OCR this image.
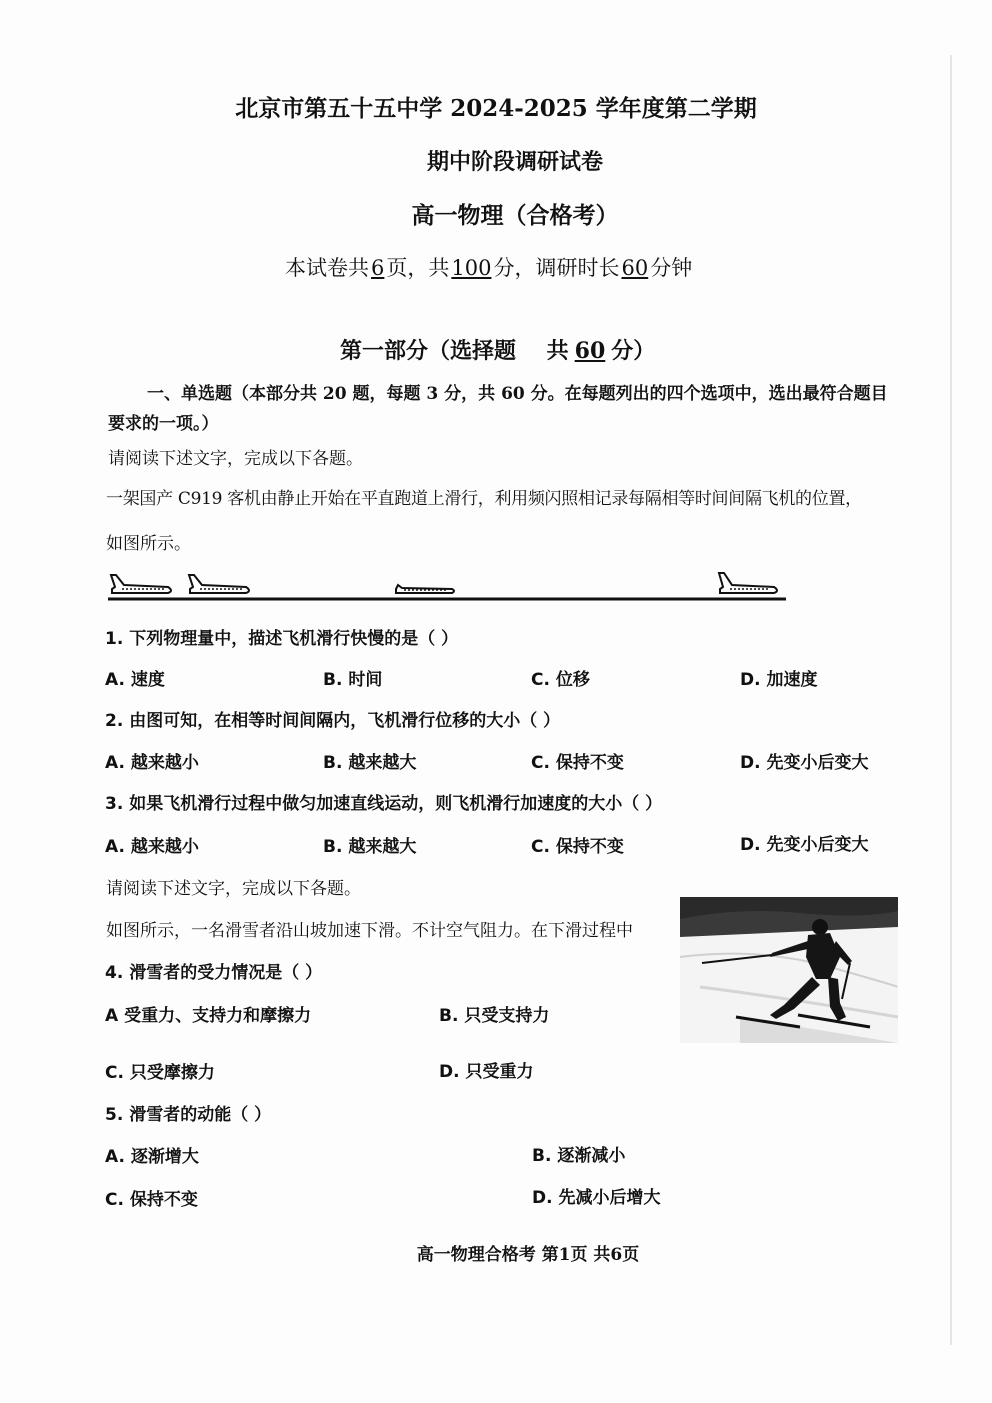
北京市第五十五中学 2024-2025 学年度第二学期
期中阶段调研试卷
高一物理（合格考）
本试卷共6页，共100分，调研时长60分钟
第一部分（选择题    共 60 分）
一、单选题（本部分共 20 题，每题 3 分，共 60 分。在每题列出的四个选项中，选出最符合题目
要求的一项。）
请阅读下述文字，完成以下各题。
一架国产 C919 客机由静止开始在平直跑道上滑行，利用频闪照相记录每隔相等时间间隔飞机的位置，
如图所示。
1. 下列物理量中，描述飞机滑行快慢的是（ ）
A. 速度	B. 时间	C. 位移	D. 加速度
2. 由图可知，在相等时间间隔内，飞机滑行位移的大小（ ）
A. 越来越小	B. 越来越大	C. 保持不变	D. 先变小后变大
3. 如果飞机滑行过程中做匀加速直线运动，则飞机滑行加速度的大小（ ）
A. 越来越小	B. 越来越大	C. 保持不变	D. 先变小后变大
请阅读下述文字，完成以下各题。
如图所示，一名滑雪者沿山坡加速下滑。不计空气阻力。在下滑过程中
4. 滑雪者的受力情况是（ ）
A 受重力、支持力和摩擦力	B. 只受支持力
C. 只受摩擦力	D. 只受重力
5. 滑雪者的动能（ ）
A. 逐渐增大	B. 逐渐减小
C. 保持不变	D. 先减小后增大
高一物理合格考 第1页 共6页
